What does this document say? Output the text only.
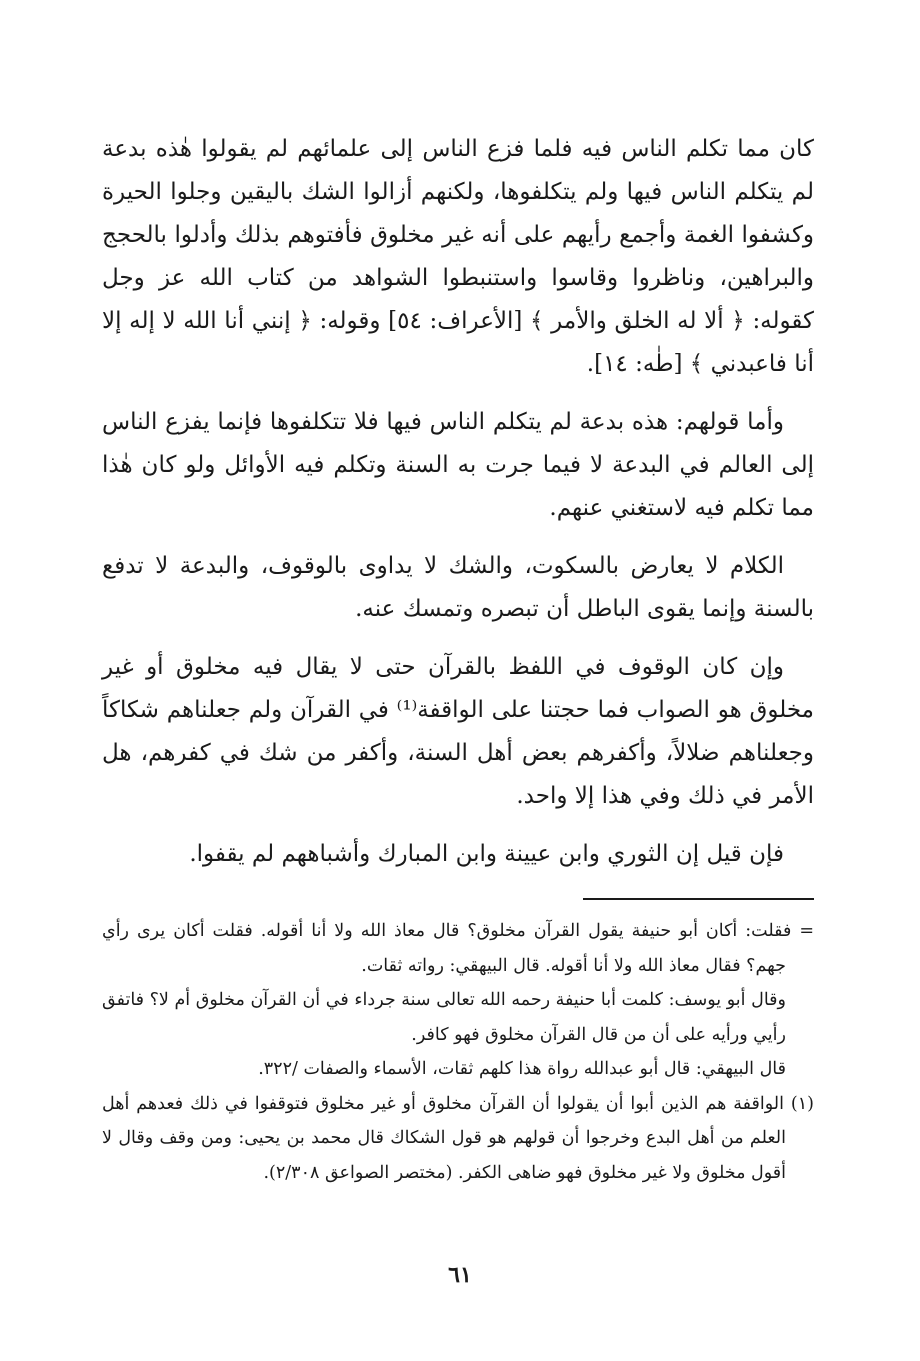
كان مما تكلم الناس فيه فلما فزع الناس إلى علمائهم لم يقولوا هٰذه بدعة لم يتكلم الناس فيها ولم يتكلفوها، ولكنهم أزالوا الشك باليقين وجلوا الحيرة وكشفوا الغمة وأجمع رأيهم على أنه غير مخلوق فأفتوهم بذلك وأدلوا بالحجج والبراهين، وناظروا وقاسوا واستنبطوا الشواهد من كتاب الله عز وجل كقوله: ﴿ ألا له الخلق والأمر ﴾ [الأعراف: ٥٤] وقوله: ﴿ إنني أنا الله لا إله إلا أنا فاعبدني ﴾ [طٰه: ١٤].

وأما قولهم: هذه بدعة لم يتكلم الناس فيها فلا تتكلفوها فإنما يفزع الناس إلى العالم في البدعة لا فيما جرت به السنة وتكلم فيه الأوائل ولو كان هٰذا مما تكلم فيه لاستغني عنهم.

الكلام لا يعارض بالسكوت، والشك لا يداوى بالوقوف، والبدعة لا تدفع بالسنة وإنما يقوى الباطل أن تبصره وتمسك عنه.

وإن كان الوقوف في اللفظ بالقرآن حتى لا يقال فيه مخلوق أو غير مخلوق هو الصواب فما حجتنا على الواقفة⁽¹⁾ في القرآن ولم جعلناهم شكاكاً وجعلناهم ضلالاً، وأكفرهم بعض أهل السنة، وأكفر من شك في كفرهم، هل الأمر في ذلك وفي هذا إلا واحد.

فإن قيل إن الثوري وابن عيينة وابن المبارك وأشباههم لم يقفوا.

= فقلت: أكان أبو حنيفة يقول القرآن مخلوق؟ قال معاذ الله ولا أنا أقوله. فقلت أكان يرى رأي جهم؟ فقال معاذ الله ولا أنا أقوله. قال البيهقي: رواته ثقات.

وقال أبو يوسف: كلمت أبا حنيفة رحمه الله تعالى سنة جرداء في أن القرآن مخلوق أم لا؟ فاتفق رأيي ورأيه على أن من قال القرآن مخلوق فهو كافر.

قال البيهقي: قال أبو عبدالله رواة هذا كلهم ثقات، الأسماء والصفات /٣٢٢.

(١) الواقفة هم الذين أبوا أن يقولوا أن القرآن مخلوق أو غير مخلوق فتوقفوا في ذلك فعدهم أهل العلم من أهل البدع وخرجوا أن قولهم هو قول الشكاك قال محمد بن يحيى: ومن وقف وقال لا أقول مخلوق ولا غير مخلوق فهو ضاهى الكفر. (مختصر الصواعق ٢/٣٠٨).

٦١
